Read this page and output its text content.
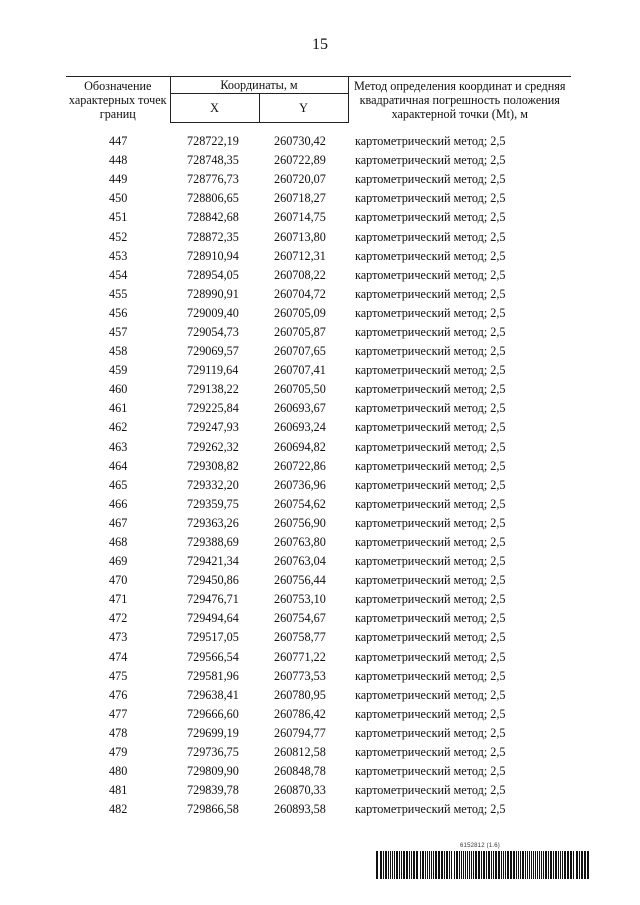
15
Обозначение характерных точек границ	Координаты, м		Метод определения координат и средняя квадратичная погрешность положения характерной точки (Mt), м
	X	Y	

447	728722,19	260730,42	картометрический метод; 2,5
448	728748,35	260722,89	картометрический метод; 2,5
449	728776,73	260720,07	картометрический метод; 2,5
450	728806,65	260718,27	картометрический метод; 2,5
451	728842,68	260714,75	картометрический метод; 2,5
452	728872,35	260713,80	картометрический метод; 2,5
453	728910,94	260712,31	картометрический метод; 2,5
454	728954,05	260708,22	картометрический метод; 2,5
455	728990,91	260704,72	картометрический метод; 2,5
456	729009,40	260705,09	картометрический метод; 2,5
457	729054,73	260705,87	картометрический метод; 2,5
458	729069,57	260707,65	картометрический метод; 2,5
459	729119,64	260707,41	картометрический метод; 2,5
460	729138,22	260705,50	картометрический метод; 2,5
461	729225,84	260693,67	картометрический метод; 2,5
462	729247,93	260693,24	картометрический метод; 2,5
463	729262,32	260694,82	картометрический метод; 2,5
464	729308,82	260722,86	картометрический метод; 2,5
465	729332,20	260736,96	картометрический метод; 2,5
466	729359,75	260754,62	картометрический метод; 2,5
467	729363,26	260756,90	картометрический метод; 2,5
468	729388,69	260763,80	картометрический метод; 2,5
469	729421,34	260763,04	картометрический метод; 2,5
470	729450,86	260756,44	картометрический метод; 2,5
471	729476,71	260753,10	картометрический метод; 2,5
472	729494,64	260754,67	картометрический метод; 2,5
473	729517,05	260758,77	картометрический метод; 2,5
474	729566,54	260771,22	картометрический метод; 2,5
475	729581,96	260773,53	картометрический метод; 2,5
476	729638,41	260780,95	картометрический метод; 2,5
477	729666,60	260786,42	картометрический метод; 2,5
478	729699,19	260794,77	картометрический метод; 2,5
479	729736,75	260812,58	картометрический метод; 2,5
480	729809,90	260848,78	картометрический метод; 2,5
481	729839,78	260870,33	картометрический метод; 2,5
482	729866,58	260893,58	картометрический метод; 2,5
6152812 (1.6)
